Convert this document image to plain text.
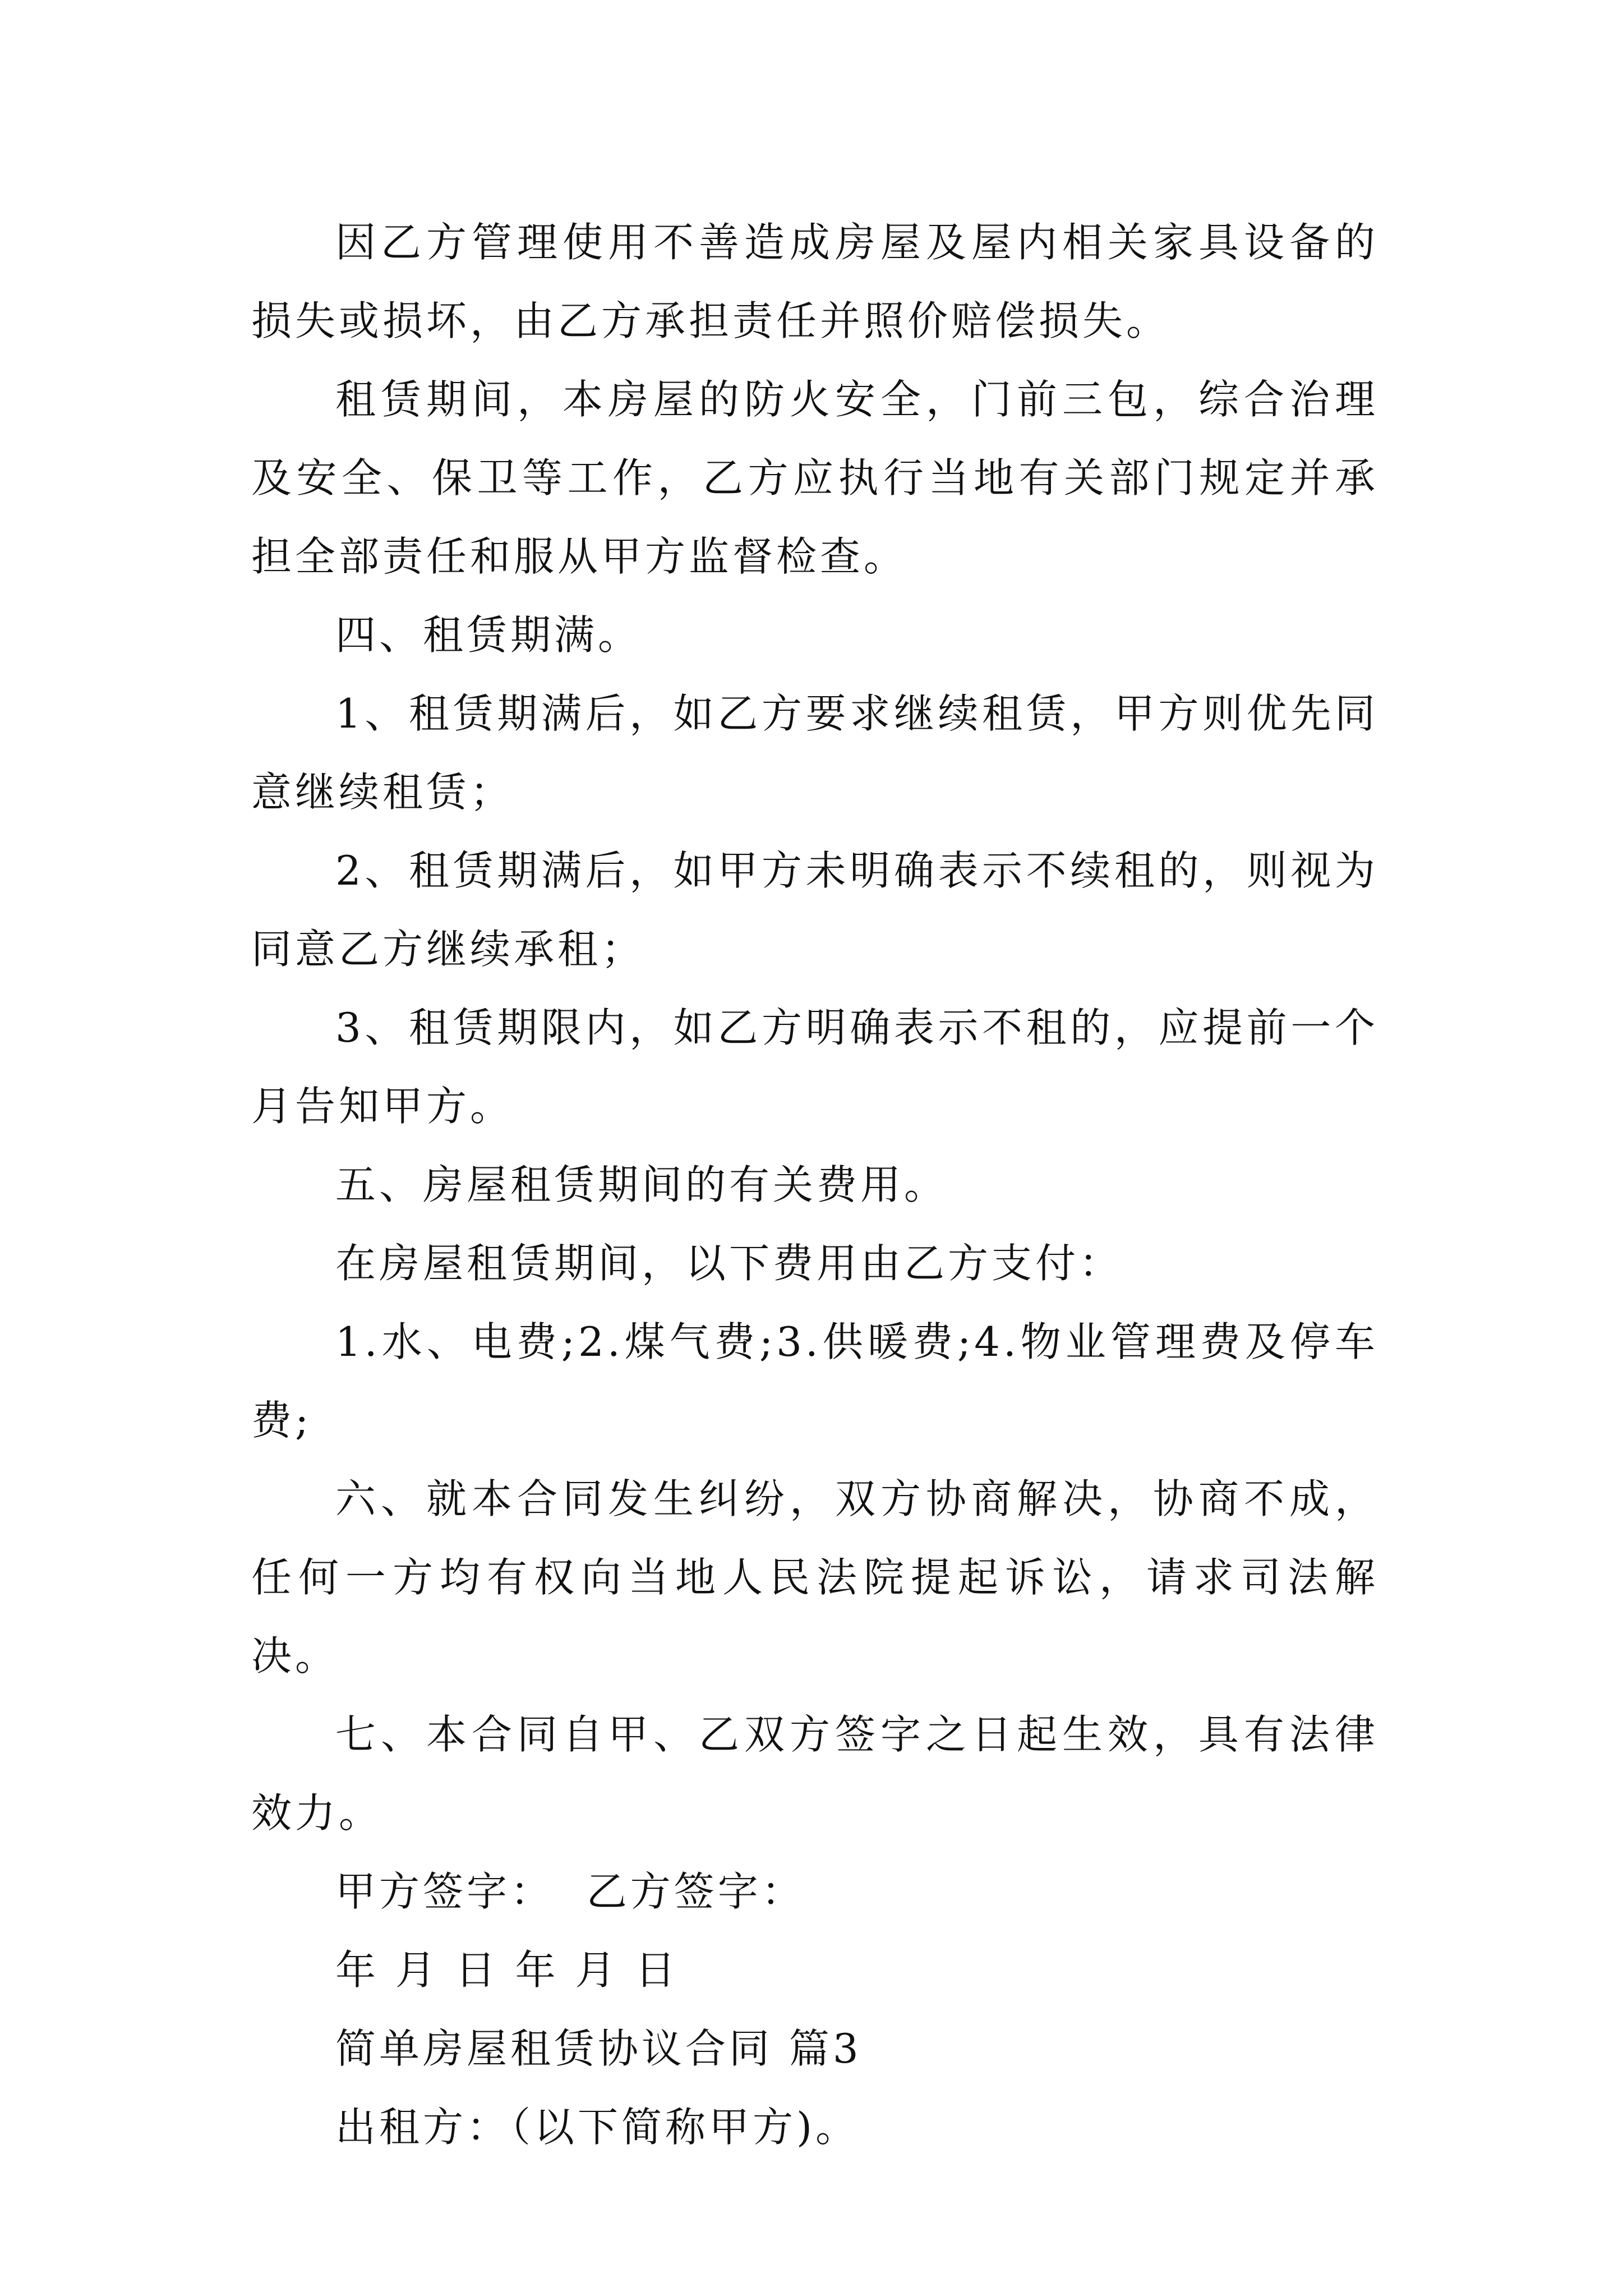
因乙方管理使用不善造成房屋及屋内相关家具设备的损失或损坏，由乙方承担责任并照价赔偿损失。

租赁期间，本房屋的防火安全，门前三包，综合治理及安全、保卫等工作，乙方应执行当地有关部门规定并承担全部责任和服从甲方监督检查。

四、租赁期满。

1、租赁期满后，如乙方要求继续租赁，甲方则优先同意继续租赁；

2、租赁期满后，如甲方未明确表示不续租的，则视为同意乙方继续承租；

3、租赁期限内，如乙方明确表示不租的，应提前一个月告知甲方。

五、房屋租赁期间的有关费用。

在房屋租赁期间，以下费用由乙方支付：

1.水、电费;2.煤气费;3.供暖费;4.物业管理费及停车费;

六、就本合同发生纠纷，双方协商解决，协商不成，任何一方均有权向当地人民法院提起诉讼，请求司法解决。

七、本合同自甲、乙双方签字之日起生效，具有法律效力。

甲方签字：  乙方签字：

年 月 日 年 月 日

简单房屋租赁协议合同 篇3

出租方：（以下简称甲方)。
